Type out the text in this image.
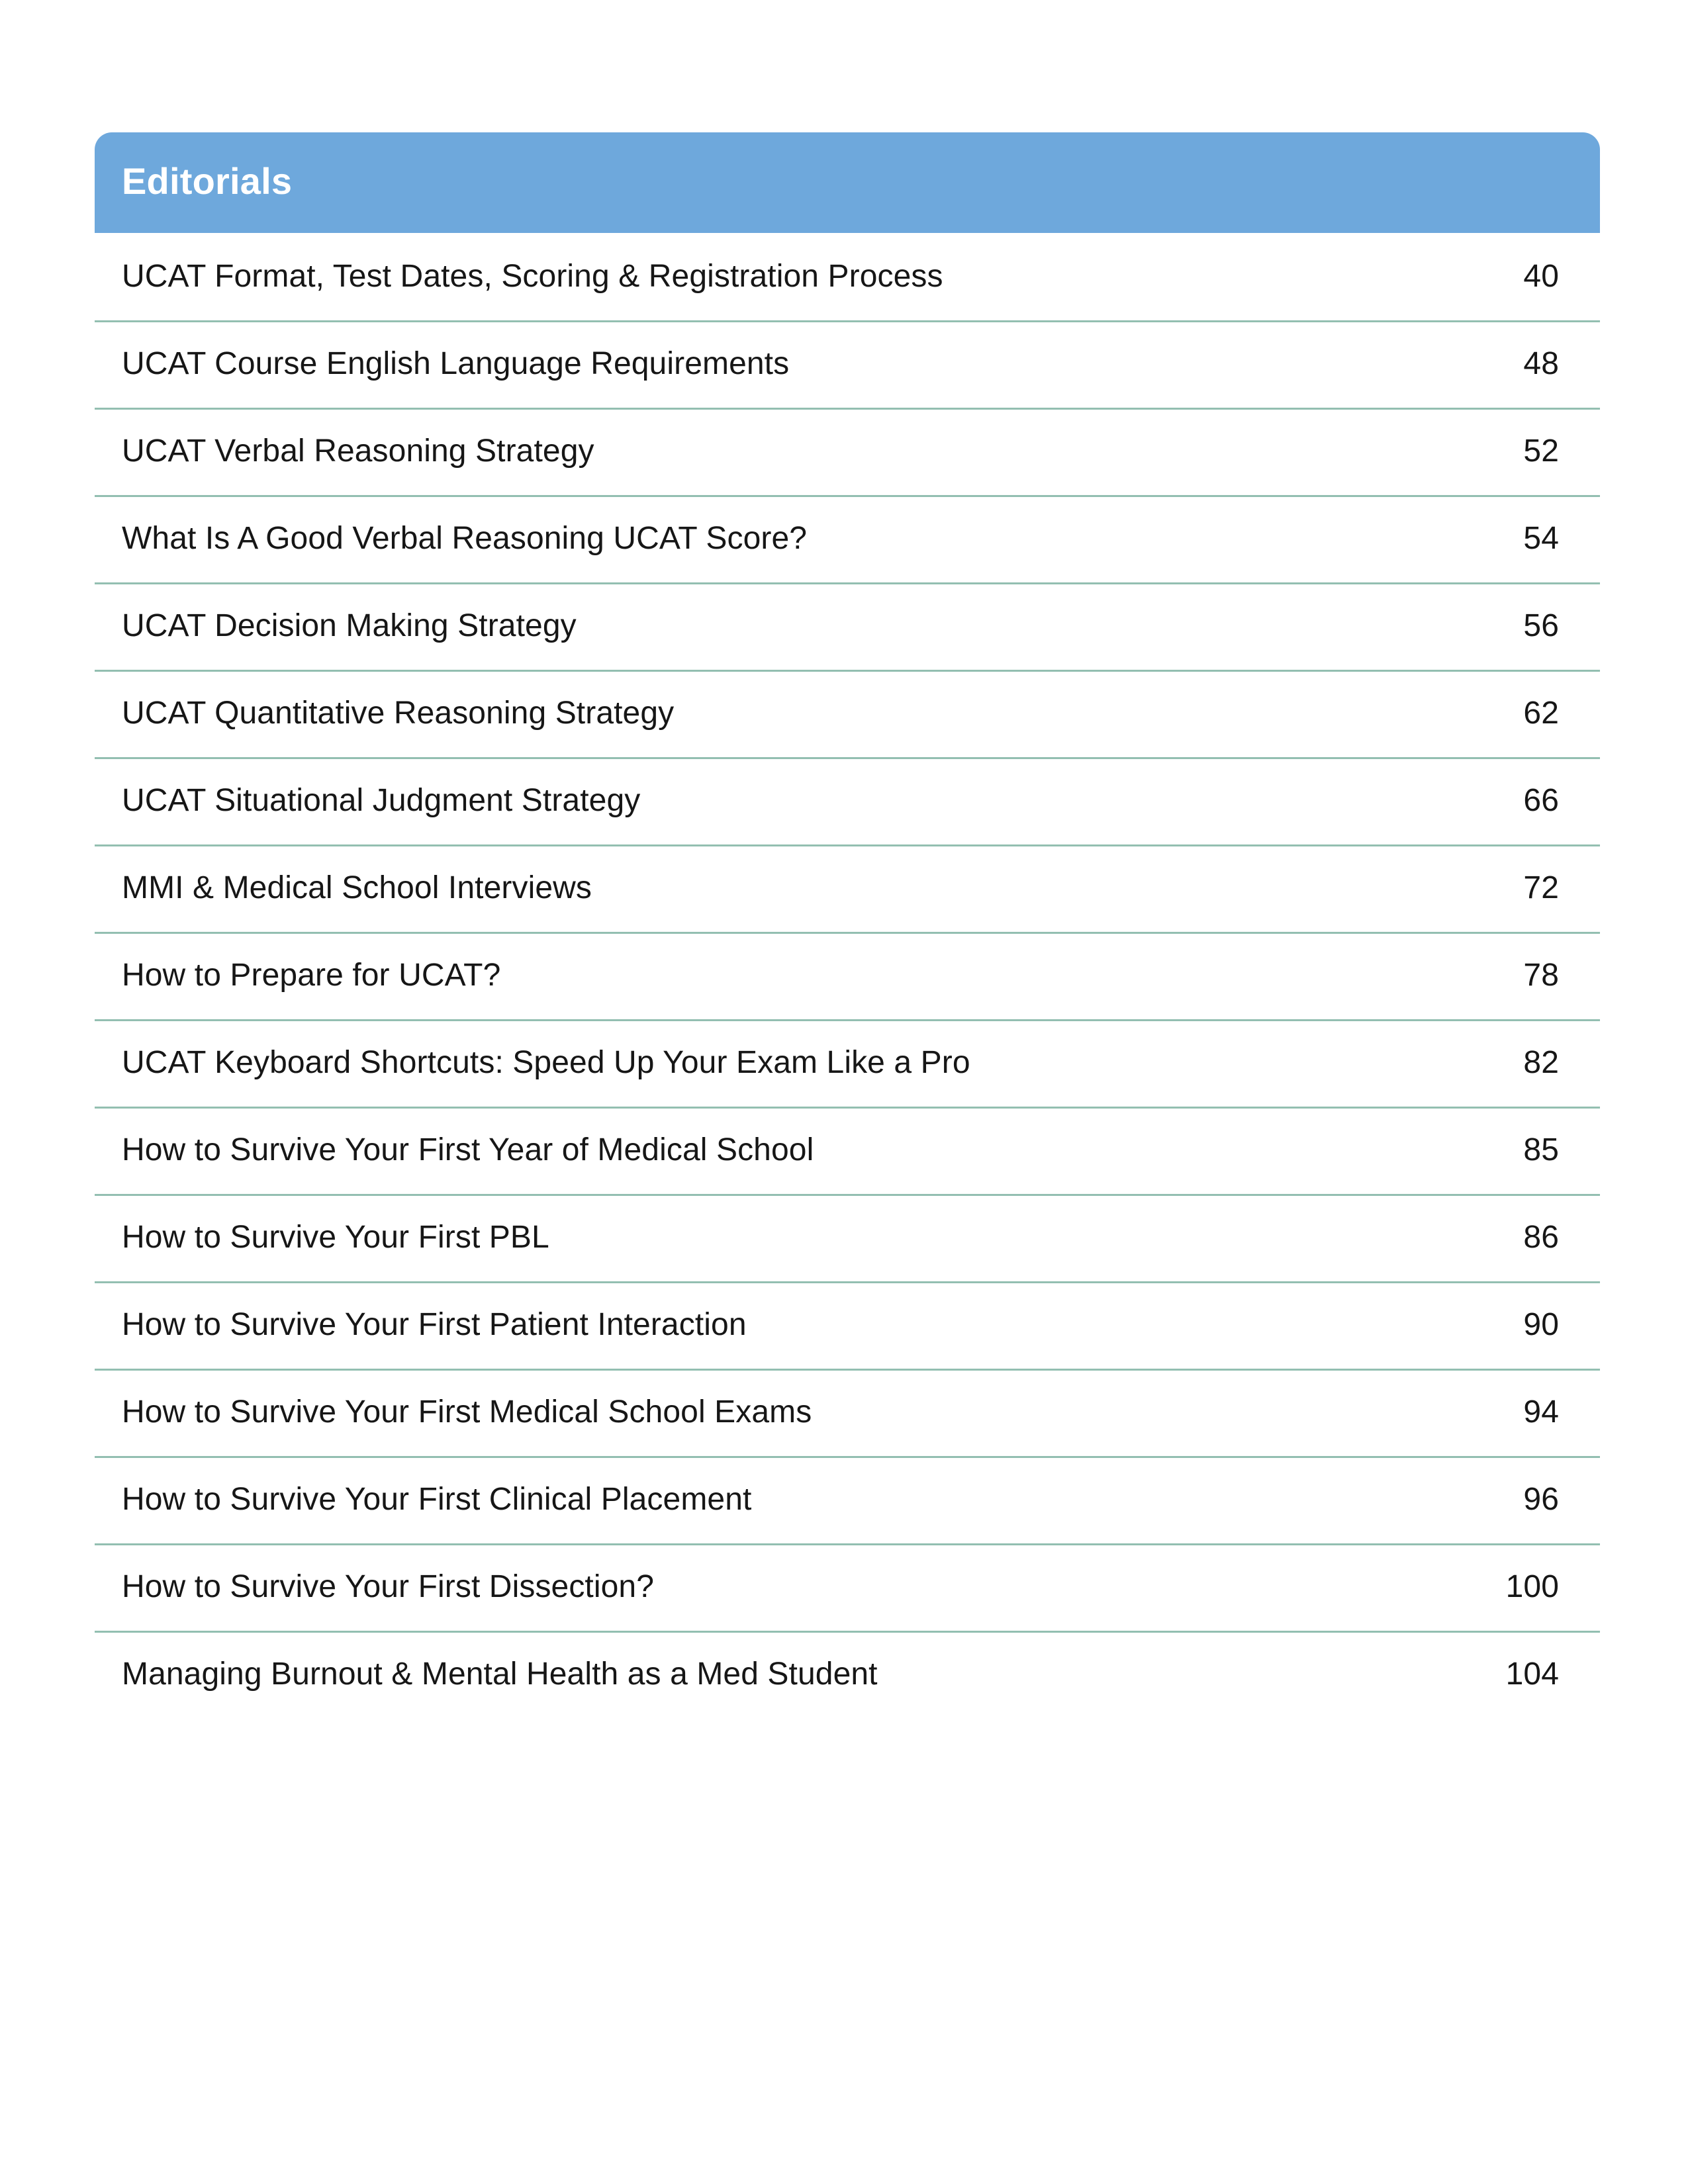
Editorials
UCAT Format, Test Dates, Scoring & Registration Process	40
UCAT Course English Language Requirements	48
UCAT Verbal Reasoning Strategy	52
What Is A Good Verbal Reasoning UCAT Score?	54
UCAT Decision Making Strategy	56
UCAT Quantitative Reasoning Strategy	62
UCAT Situational Judgment Strategy	66
MMI & Medical School Interviews	72
How to Prepare for UCAT?	78
UCAT Keyboard Shortcuts: Speed Up Your Exam Like a Pro	82
How to Survive Your First Year of Medical School	85
How to Survive Your First PBL	86
How to Survive Your First Patient Interaction	90
How to Survive Your First Medical School Exams	94
How to Survive Your First Clinical Placement	96
How to Survive Your First Dissection?	100
Managing Burnout & Mental Health as a Med Student	104
